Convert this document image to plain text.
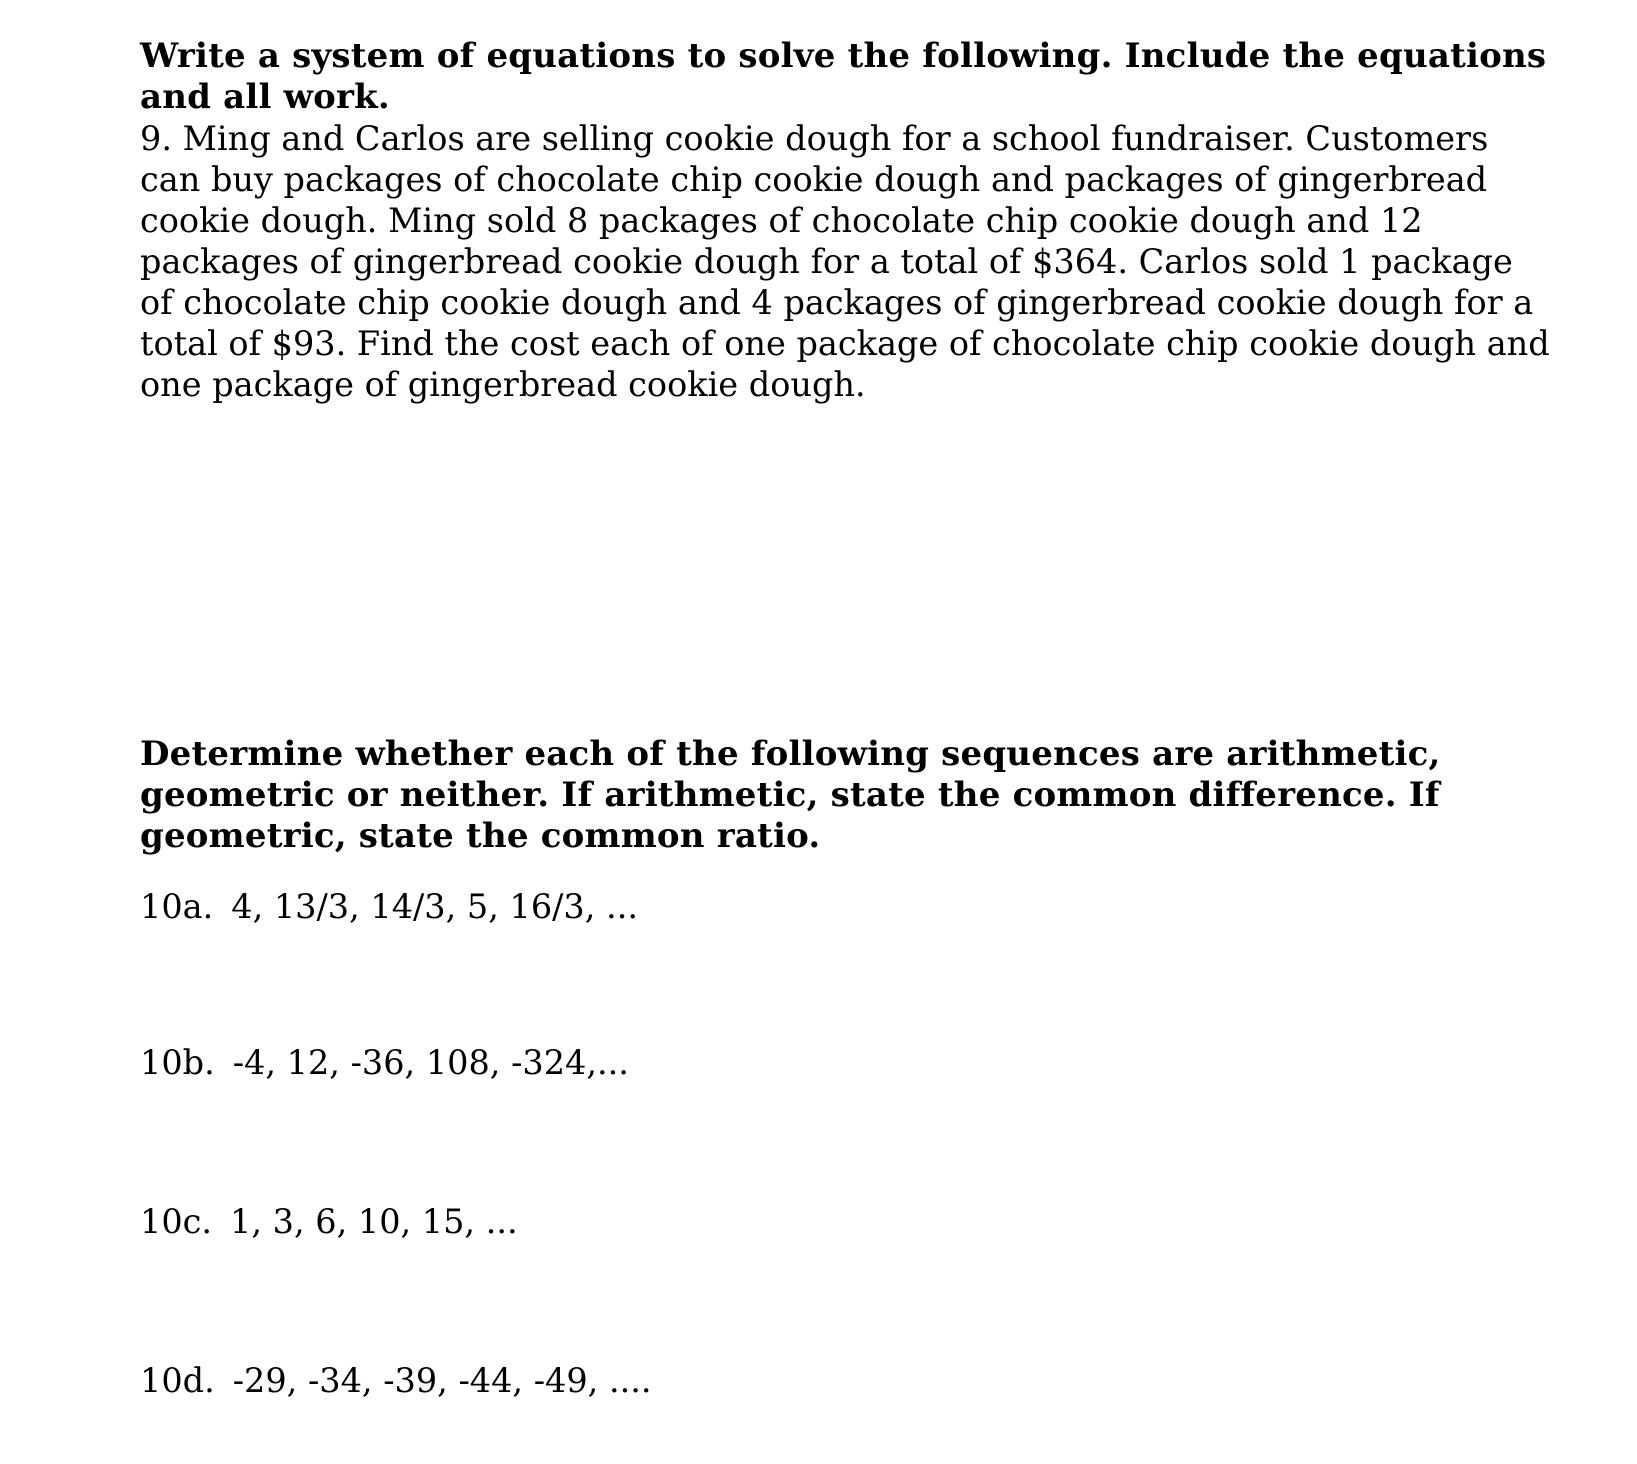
Write a system of equations to solve the following. Include the equations and all work.

9. Ming and Carlos are selling cookie dough for a school fundraiser. Customers can buy packages of chocolate chip cookie dough and packages of gingerbread cookie dough. Ming sold 8 packages of chocolate chip cookie dough and 12 packages of gingerbread cookie dough for a total of $364. Carlos sold 1 package of chocolate chip cookie dough and 4 packages of gingerbread cookie dough for a total of $93. Find the cost each of one package of chocolate chip cookie dough and one package of gingerbread cookie dough.

Determine whether each of the following sequences are arithmetic, geometric or neither. If arithmetic, state the common difference. If geometric, state the common ratio.

10a. 4, 13/3, 14/3, 5, 16/3, ...
10b. -4, 12, -36, 108, -324,...
10c. 1, 3, 6, 10, 15, ...
10d. -29, -34, -39, -44, -49, ....
